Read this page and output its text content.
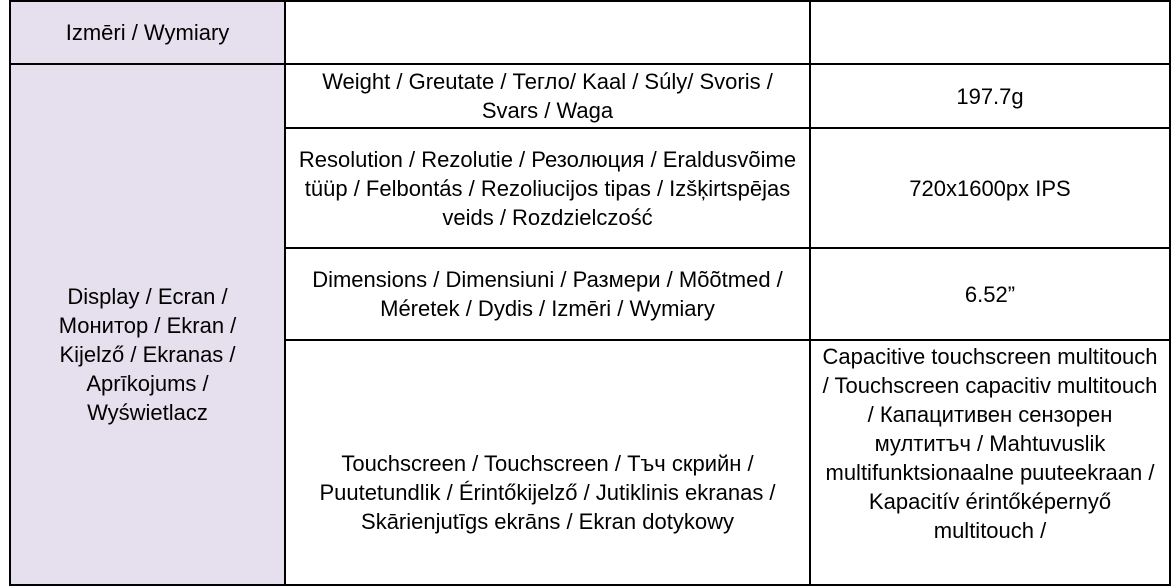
Izmēri / Wymiary		

Display / Ecran / Монитор / Ekran / Kijelző / Ekranas / Aprīkojums / Wyświetlacz	Weight / Greutate / Тегло/ Kaal / Súly/ Svoris / Svars / Waga	197.7g

	Resolution / Rezolutie / Резолюция / Eraldusvõime tüüp / Felbontás / Rezoliucijos tipas / Izšķirtspējas veids / Rozdzielczość	720x1600px IPS

	Dimensions / Dimensiuni / Размери / Mõõtmed / Méretek / Dydis / Izmēri / Wymiary	6.52”

	Touchscreen / Touchscreen / Тъч скрийн / Puutetundlik / Érintőkijelző / Jutiklinis ekranas / Skārienjutīgs ekrāns / Ekran dotykowy	Capacitive touchscreen multitouch / Touchscreen capacitiv multitouch / Капацитивен сензорен мултитъч / Mahtuvuslik multifunktsionaalne puuteekraan / Kapacitív érintőképernyő multitouch /
